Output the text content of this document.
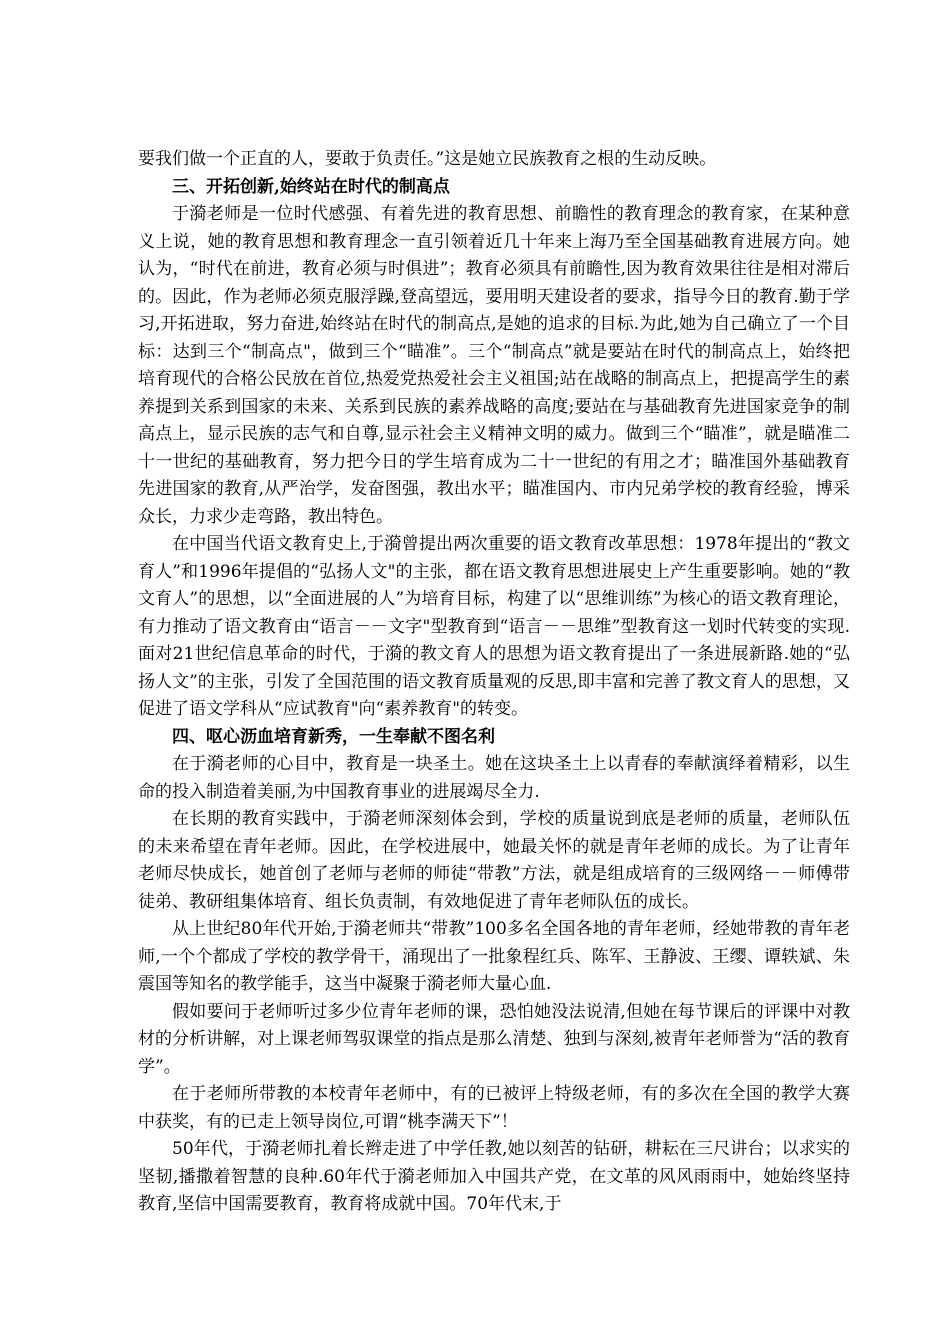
要我们做一个正直的人，要敢于负责任。”这是她立民族教育之根的生动反映。

三、开拓创新,始终站在时代的制高点

于漪老师是一位时代感强、有着先进的教育思想、前瞻性的教育理念的教育家，在某种意义上说，她的教育思想和教育理念一直引领着近几十年来上海乃至全国基础教育进展方向。她认为，“时代在前进，教育必须与时俱进”；教育必须具有前瞻性,因为教育效果往往是相对滞后的。因此，作为老师必须克服浮躁,登高望远，要用明天建设者的要求，指导今日的教育.勤于学习,开拓进取，努力奋进,始终站在时代的制高点,是她的追求的目标.为此,她为自己确立了一个目标：达到三个“制高点"，做到三个“瞄准”。三个“制高点”就是要站在时代的制高点上，始终把培育现代的合格公民放在首位,热爱党热爱社会主义祖国;站在战略的制高点上，把提高学生的素养提到关系到国家的未来、关系到民族的素养战略的高度;要站在与基础教育先进国家竞争的制高点上，显示民族的志气和自尊,显示社会主义精神文明的威力。做到三个“瞄准”，就是瞄准二十一世纪的基础教育，努力把今日的学生培育成为二十一世纪的有用之才；瞄准国外基础教育先进国家的教育,从严治学，发奋图强，教出水平；瞄准国内、市内兄弟学校的教育经验，博采众长，力求少走弯路，教出特色。

在中国当代语文教育史上,于漪曾提出两次重要的语文教育改革思想：1978年提出的“教文育人”和1996年提倡的“弘扬人文"的主张，都在语文教育思想进展史上产生重要影响。她的“教文育人”的思想，以“全面进展的人”为培育目标，构建了以“思维训练”为核心的语文教育理论，有力推动了语文教育由“语言－－文字"型教育到“语言－－思维”型教育这一划时代转变的实现.面对21世纪信息革命的时代，于漪的教文育人的思想为语文教育提出了一条进展新路.她的“弘扬人文”的主张，引发了全国范围的语文教育质量观的反思,即丰富和完善了教文育人的思想，又促进了语文学科从“应试教育"向“素养教育"的转变。

四、呕心沥血培育新秀，一生奉献不图名利

在于漪老师的心目中，教育是一块圣土。她在这块圣土上以青春的奉献演绎着精彩，以生命的投入制造着美丽,为中国教育事业的进展竭尽全力.

在长期的教育实践中，于漪老师深刻体会到，学校的质量说到底是老师的质量，老师队伍的未来希望在青年老师。因此，在学校进展中，她最关怀的就是青年老师的成长。为了让青年老师尽快成长，她首创了老师与老师的师徒“带教”方法，就是组成培育的三级网络－－师傅带徒弟、教研组集体培育、组长负责制，有效地促进了青年老师队伍的成长。

从上世纪80年代开始,于漪老师共“带教”100多名全国各地的青年老师，经她带教的青年老师,一个个都成了学校的教学骨干，涌现出了一批象程红兵、陈军、王静波、王缨、谭轶斌、朱震国等知名的教学能手，这当中凝聚于漪老师大量心血.

假如要问于老师听过多少位青年老师的课，恐怕她没法说清,但她在每节课后的评课中对教材的分析讲解，对上课老师驾驭课堂的指点是那么清楚、独到与深刻,被青年老师誉为“活的教育学”。

在于老师所带教的本校青年老师中，有的已被评上特级老师，有的多次在全国的教学大赛中获奖，有的已走上领导岗位,可谓“桃李满天下”！

50年代，于漪老师扎着长辫走进了中学任教,她以刻苦的钻研，耕耘在三尺讲台；以求实的坚韧,播撒着智慧的良种.60年代于漪老师加入中国共产党，在文革的风风雨雨中，她始终坚持教育,坚信中国需要教育，教育将成就中国。70年代末,于
